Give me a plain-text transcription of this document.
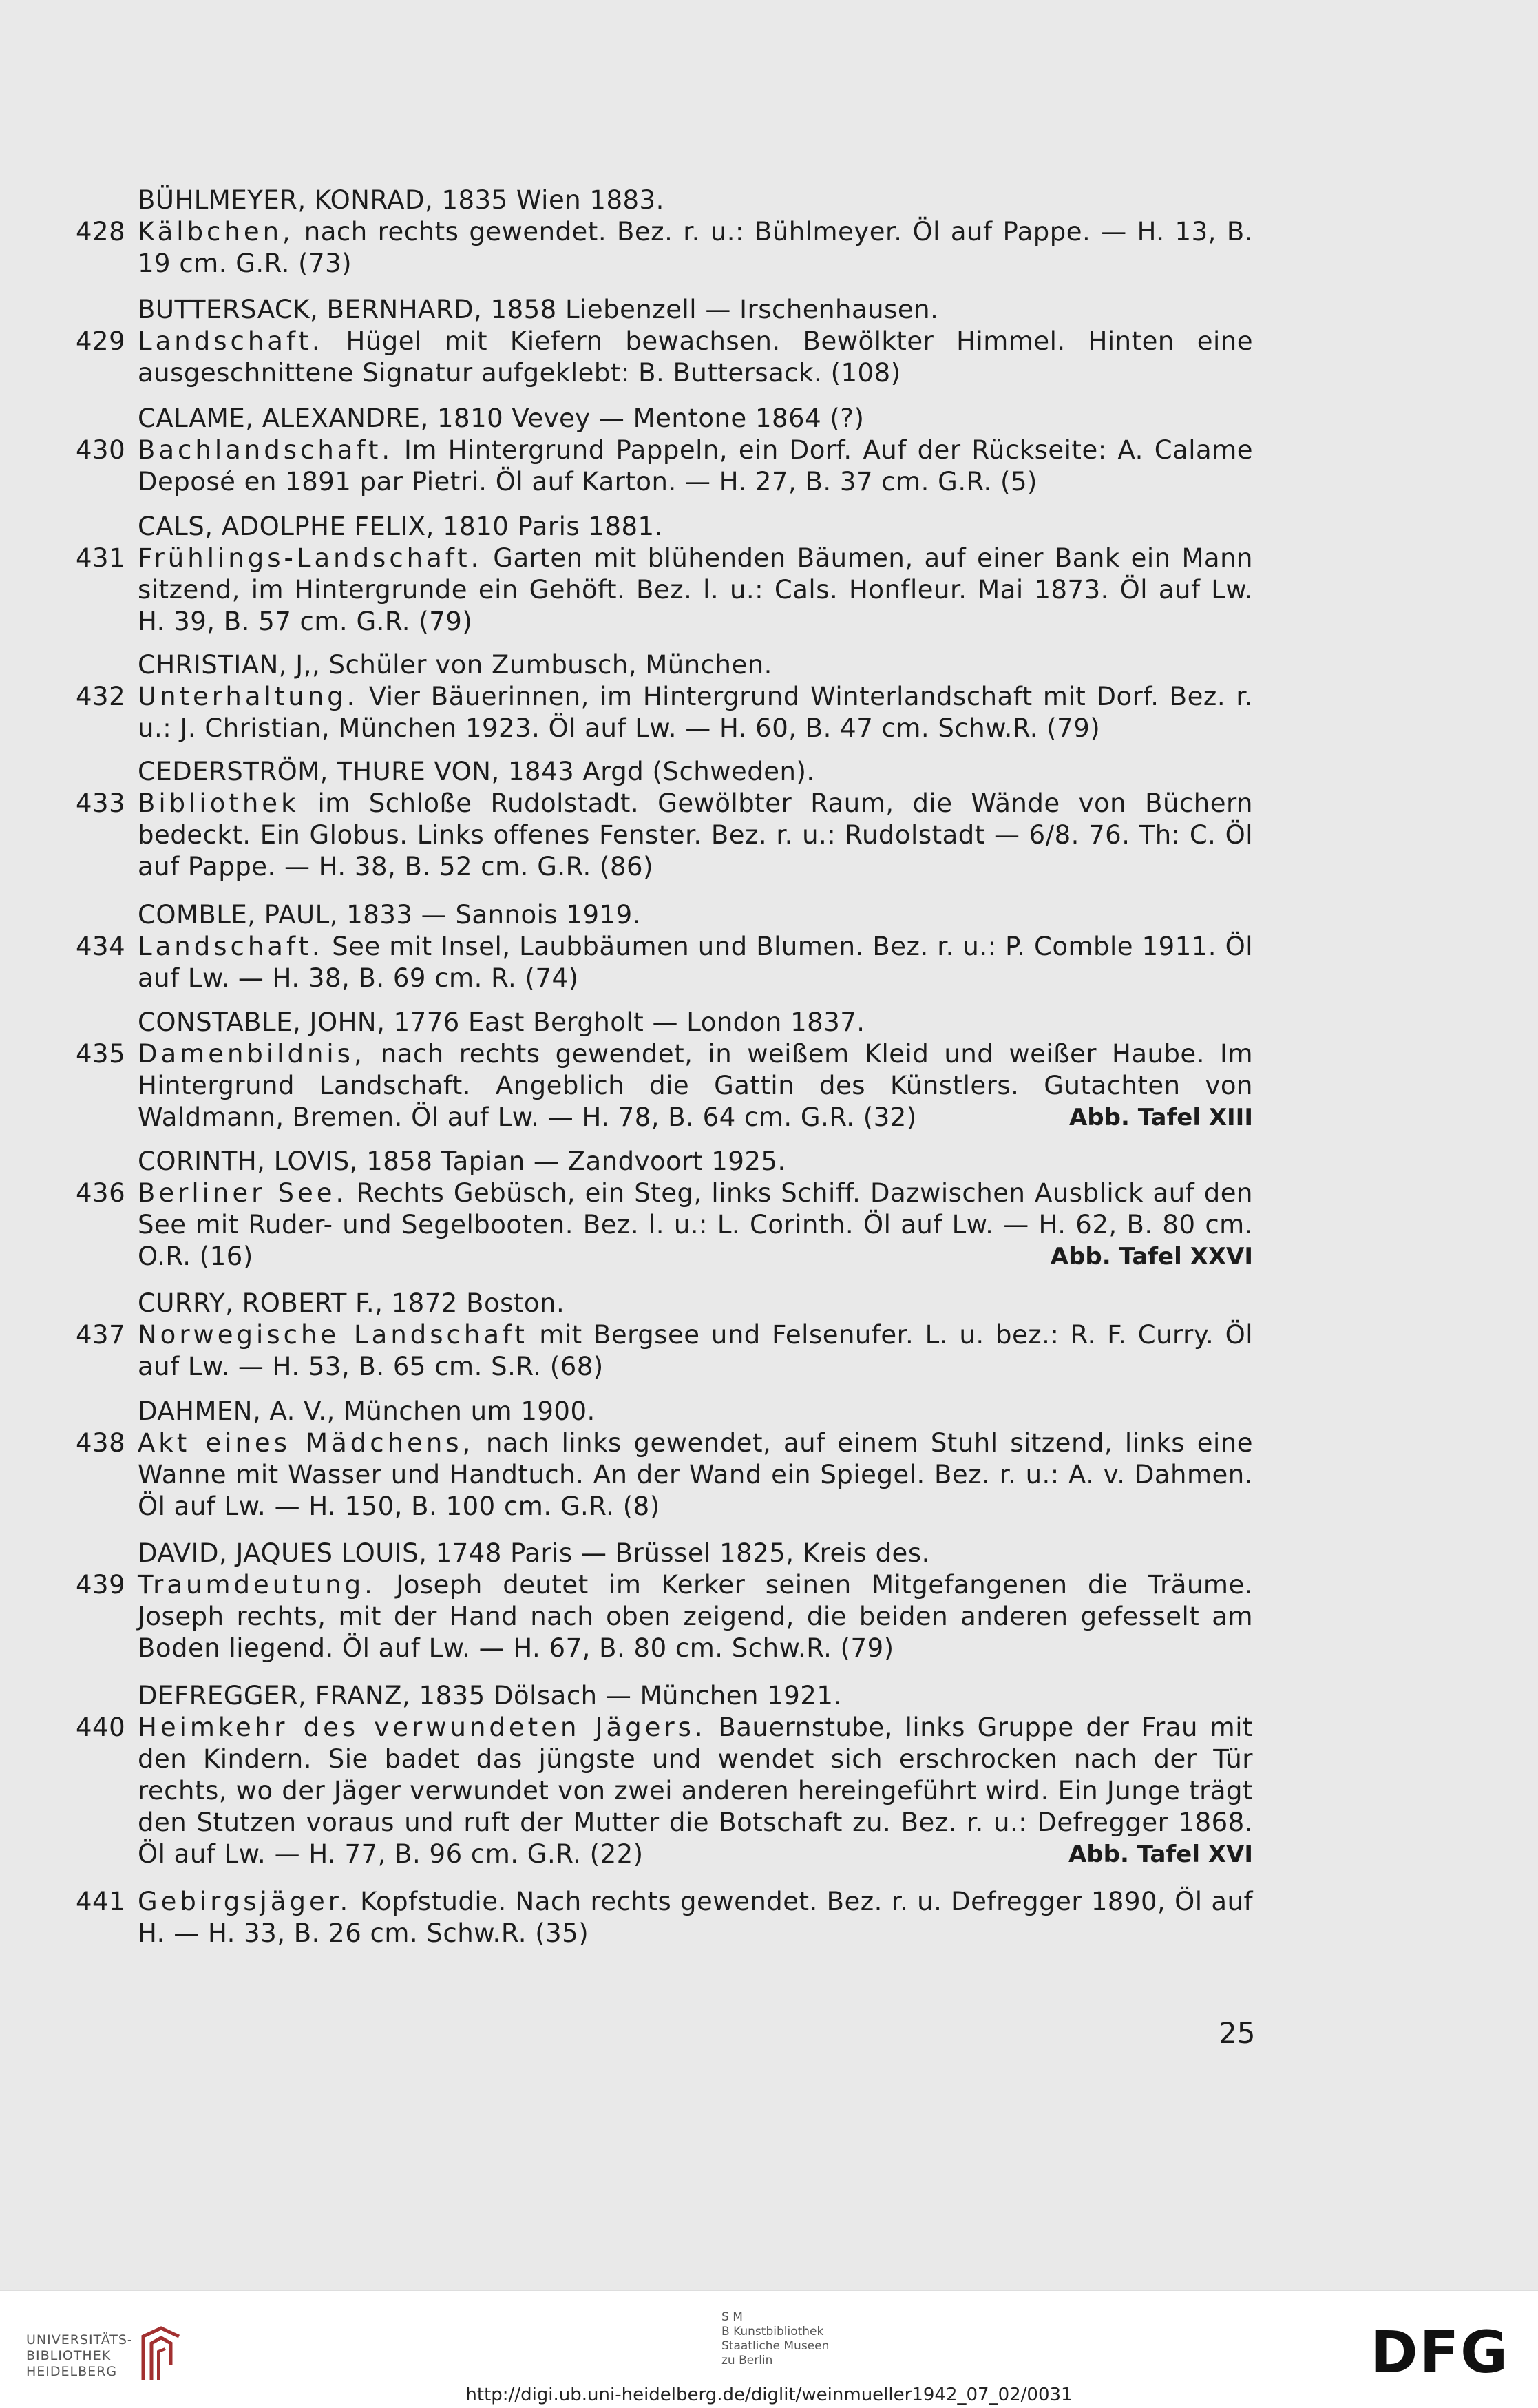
BÜHLMEYER, KONRAD, 1835 Wien 1883.
428 Kälbchen, nach rechts gewendet. Bez. r. u.: Bühlmeyer. Öl auf Pappe. — H. 13, B. 19 cm. G.R. (73)
BUTTERSACK, BERNHARD, 1858 Liebenzell — Irschenhausen.
429 Landschaft. Hügel mit Kiefern bewachsen. Bewölkter Himmel. Hinten eine ausgeschnittene Signatur aufgeklebt: B. Buttersack. (108)
CALAME, ALEXANDRE, 1810 Vevey — Mentone 1864 (?)
430 Bachlandschaft. Im Hintergrund Pappeln, ein Dorf. Auf der Rückseite: A. Calame Deposé en 1891 par Pietri. Öl auf Karton. — H. 27, B. 37 cm. G.R. (5)
CALS, ADOLPHE FELIX, 1810 Paris 1881.
431 Frühlings-Landschaft. Garten mit blühenden Bäumen, auf einer Bank ein Mann sitzend, im Hintergrunde ein Gehöft. Bez. l. u.: Cals. Honfleur. Mai 1873. Öl auf Lw. H. 39, B. 57 cm. G.R. (79)
CHRISTIAN, J,, Schüler von Zumbusch, München.
432 Unterhaltung. Vier Bäuerinnen, im Hintergrund Winterlandschaft mit Dorf. Bez. r. u.: J. Christian, München 1923. Öl auf Lw. — H. 60, B. 47 cm. Schw.R. (79)
CEDERSTRÖM, THURE VON, 1843 Argd (Schweden).
433 Bibliothek im Schloße Rudolstadt. Gewölbter Raum, die Wände von Büchern bedeckt. Ein Globus. Links offenes Fenster. Bez. r. u.: Rudolstadt — 6/8. 76. Th: C. Öl auf Pappe. — H. 38, B. 52 cm. G.R. (86)
COMBLE, PAUL, 1833 — Sannois 1919.
434 Landschaft. See mit Insel, Laubbäumen und Blumen. Bez. r. u.: P. Comble 1911. Öl auf Lw. — H. 38, B. 69 cm. R. (74)
CONSTABLE, JOHN, 1776 East Bergholt — London 1837.
435 Damenbildnis, nach rechts gewendet, in weißem Kleid und weißer Haube. Im Hintergrund Landschaft. Angeblich die Gattin des Künstlers. Gutachten von Waldmann, Bremen. Öl auf Lw. — H. 78, B. 64 cm. G.R. (32)	Abb. Tafel XIII
CORINTH, LOVIS, 1858 Tapian — Zandvoort 1925.
436 Berliner See. Rechts Gebüsch, ein Steg, links Schiff. Dazwischen Ausblick auf den See mit Ruder- und Segelbooten. Bez. l. u.: L. Corinth. Öl auf Lw. — H. 62, B. 80 cm. O.R. (16)	Abb. Tafel XXVI
CURRY, ROBERT F., 1872 Boston.
437 Norwegische Landschaft mit Bergsee und Felsenufer. L. u. bez.: R. F. Curry. Öl auf Lw. — H. 53, B. 65 cm. S.R. (68)
DAHMEN, A. V., München um 1900.
438 Akt eines Mädchens, nach links gewendet, auf einem Stuhl sitzend, links eine Wanne mit Wasser und Handtuch. An der Wand ein Spiegel. Bez. r. u.: A. v. Dahmen. Öl auf Lw. — H. 150, B. 100 cm. G.R. (8)
DAVID, JAQUES LOUIS, 1748 Paris — Brüssel 1825, Kreis des.
439 Traumdeutung. Joseph deutet im Kerker seinen Mitgefangenen die Träume. Joseph rechts, mit der Hand nach oben zeigend, die beiden anderen gefesselt am Boden liegend. Öl auf Lw. — H. 67, B. 80 cm. Schw.R. (79)
DEFREGGER, FRANZ, 1835 Dölsach — München 1921.
440 Heimkehr des verwundeten Jägers. Bauernstube, links Gruppe der Frau mit den Kindern. Sie badet das jüngste und wendet sich erschrocken nach der Tür rechts, wo der Jäger verwundet von zwei anderen hereingeführt wird. Ein Junge trägt den Stutzen voraus und ruft der Mutter die Botschaft zu. Bez. r. u.: Defregger 1868. Öl auf Lw. — H. 77, B. 96 cm. G.R. (22)	Abb. Tafel XVI
441 Gebirgsjäger. Kopfstudie. Nach rechts gewendet. Bez. r. u. Defregger 1890, Öl auf H. — H. 33, B. 26 cm. Schw.R. (35)
25
UNIVERSITÄTS-
BIBLIOTHEK
HEIDELBERG
S M
B Kunstbibliothek
Staatliche Museen
zu Berlin	DFG
http://digi.ub.uni-heidelberg.de/diglit/weinmueller1942_07_02/0031
